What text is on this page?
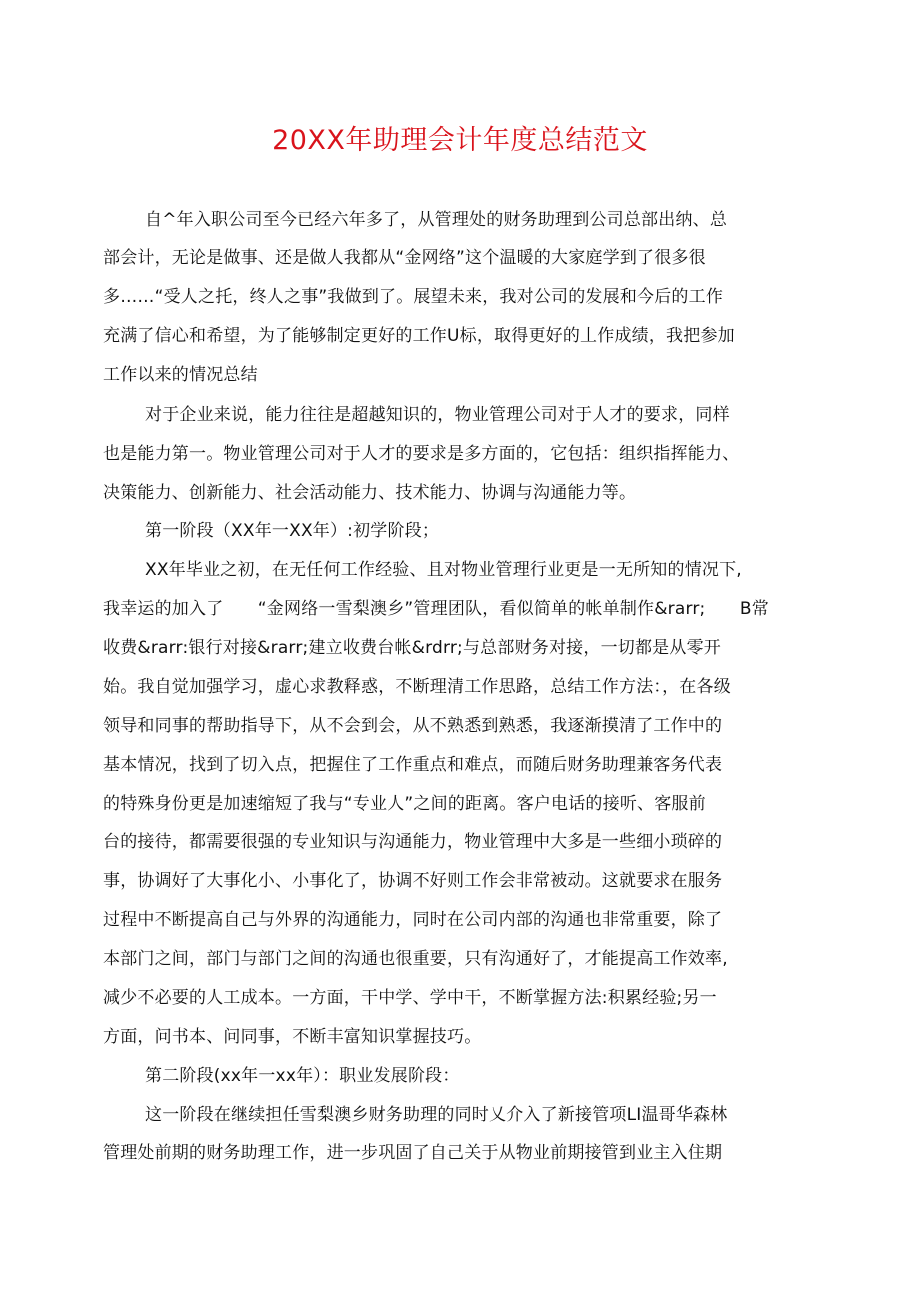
20XX年助理会计年度总结范文
自^年入职公司至今已经六年多了，从管理处的财务助理到公司总部出纳、总
部会计，无论是做事、还是做人我都从“金网络”这个温暖的大家庭学到了很多很
多……“受人之托，终人之事”我做到了。展望未来，我对公司的发展和今后的工作
充满了信心和希望，为了能够制定更好的工作U标，取得更好的丄作成绩，我把参加
工作以来的情况总结
对于企业来说，能力往往是超越知识的，物业管理公司对于人才的要求，同样
也是能力第一。物业管理公司对于人才的要求是多方面的，它包括：组织指挥能力、
决策能力、创新能力、社会活动能力、技术能力、协调与沟通能力等。
第一阶段（XX年一XX年）:初学阶段；
XX年毕业之初，在无任何工作经验、且对物业管理行业更是一无所知的情况下,
我幸运的加入了　　“金网络一雪梨澳乡”管理团队，看似简单的帐单制作&rarr;　　B常
收费&rarr:银行对接&rarr;建立收费台帐&rdrr;与总部财务对接，一切都是从零开
始。我自觉加强学习，虚心求教释惑，不断理清工作思路，总结工作方法：，在各级
领导和同事的帮助指导下，从不会到会，从不熟悉到熟悉，我逐渐摸清了工作中的
基本情况，找到了切入点，把握住了工作重点和难点，而随后财务助理兼客务代表
的特殊身份更是加速缩短了我与“专业人”之间的距离。客户电话的接听、客服前
台的接待，都需要很强的专业知识与沟通能力，物业管理中大多是一些细小琐碎的
事，协调好了大事化小、小事化了，协调不好则工作会非常被动。这就要求在服务
过程中不断提高自己与外界的沟通能力，同时在公司内部的沟通也非常重要，除了
本部门之间，部门与部门之间的沟通也很重要，只有沟通好了，才能提高工作效率,
减少不必要的人工成本。一方面，干中学、学中干，不断掌握方法:积累经验;另一
方面，问书本、问同事，不断丰富知识掌握技巧。
第二阶段(xx年一xx年）：职业发展阶段：
这一阶段在继续担任雪梨澳乡财务助理的同时乂介入了新接管项LI温哥华森林
管理处前期的财务助理工作，进一步巩固了自己关于从物业前期接管到业主入住期
